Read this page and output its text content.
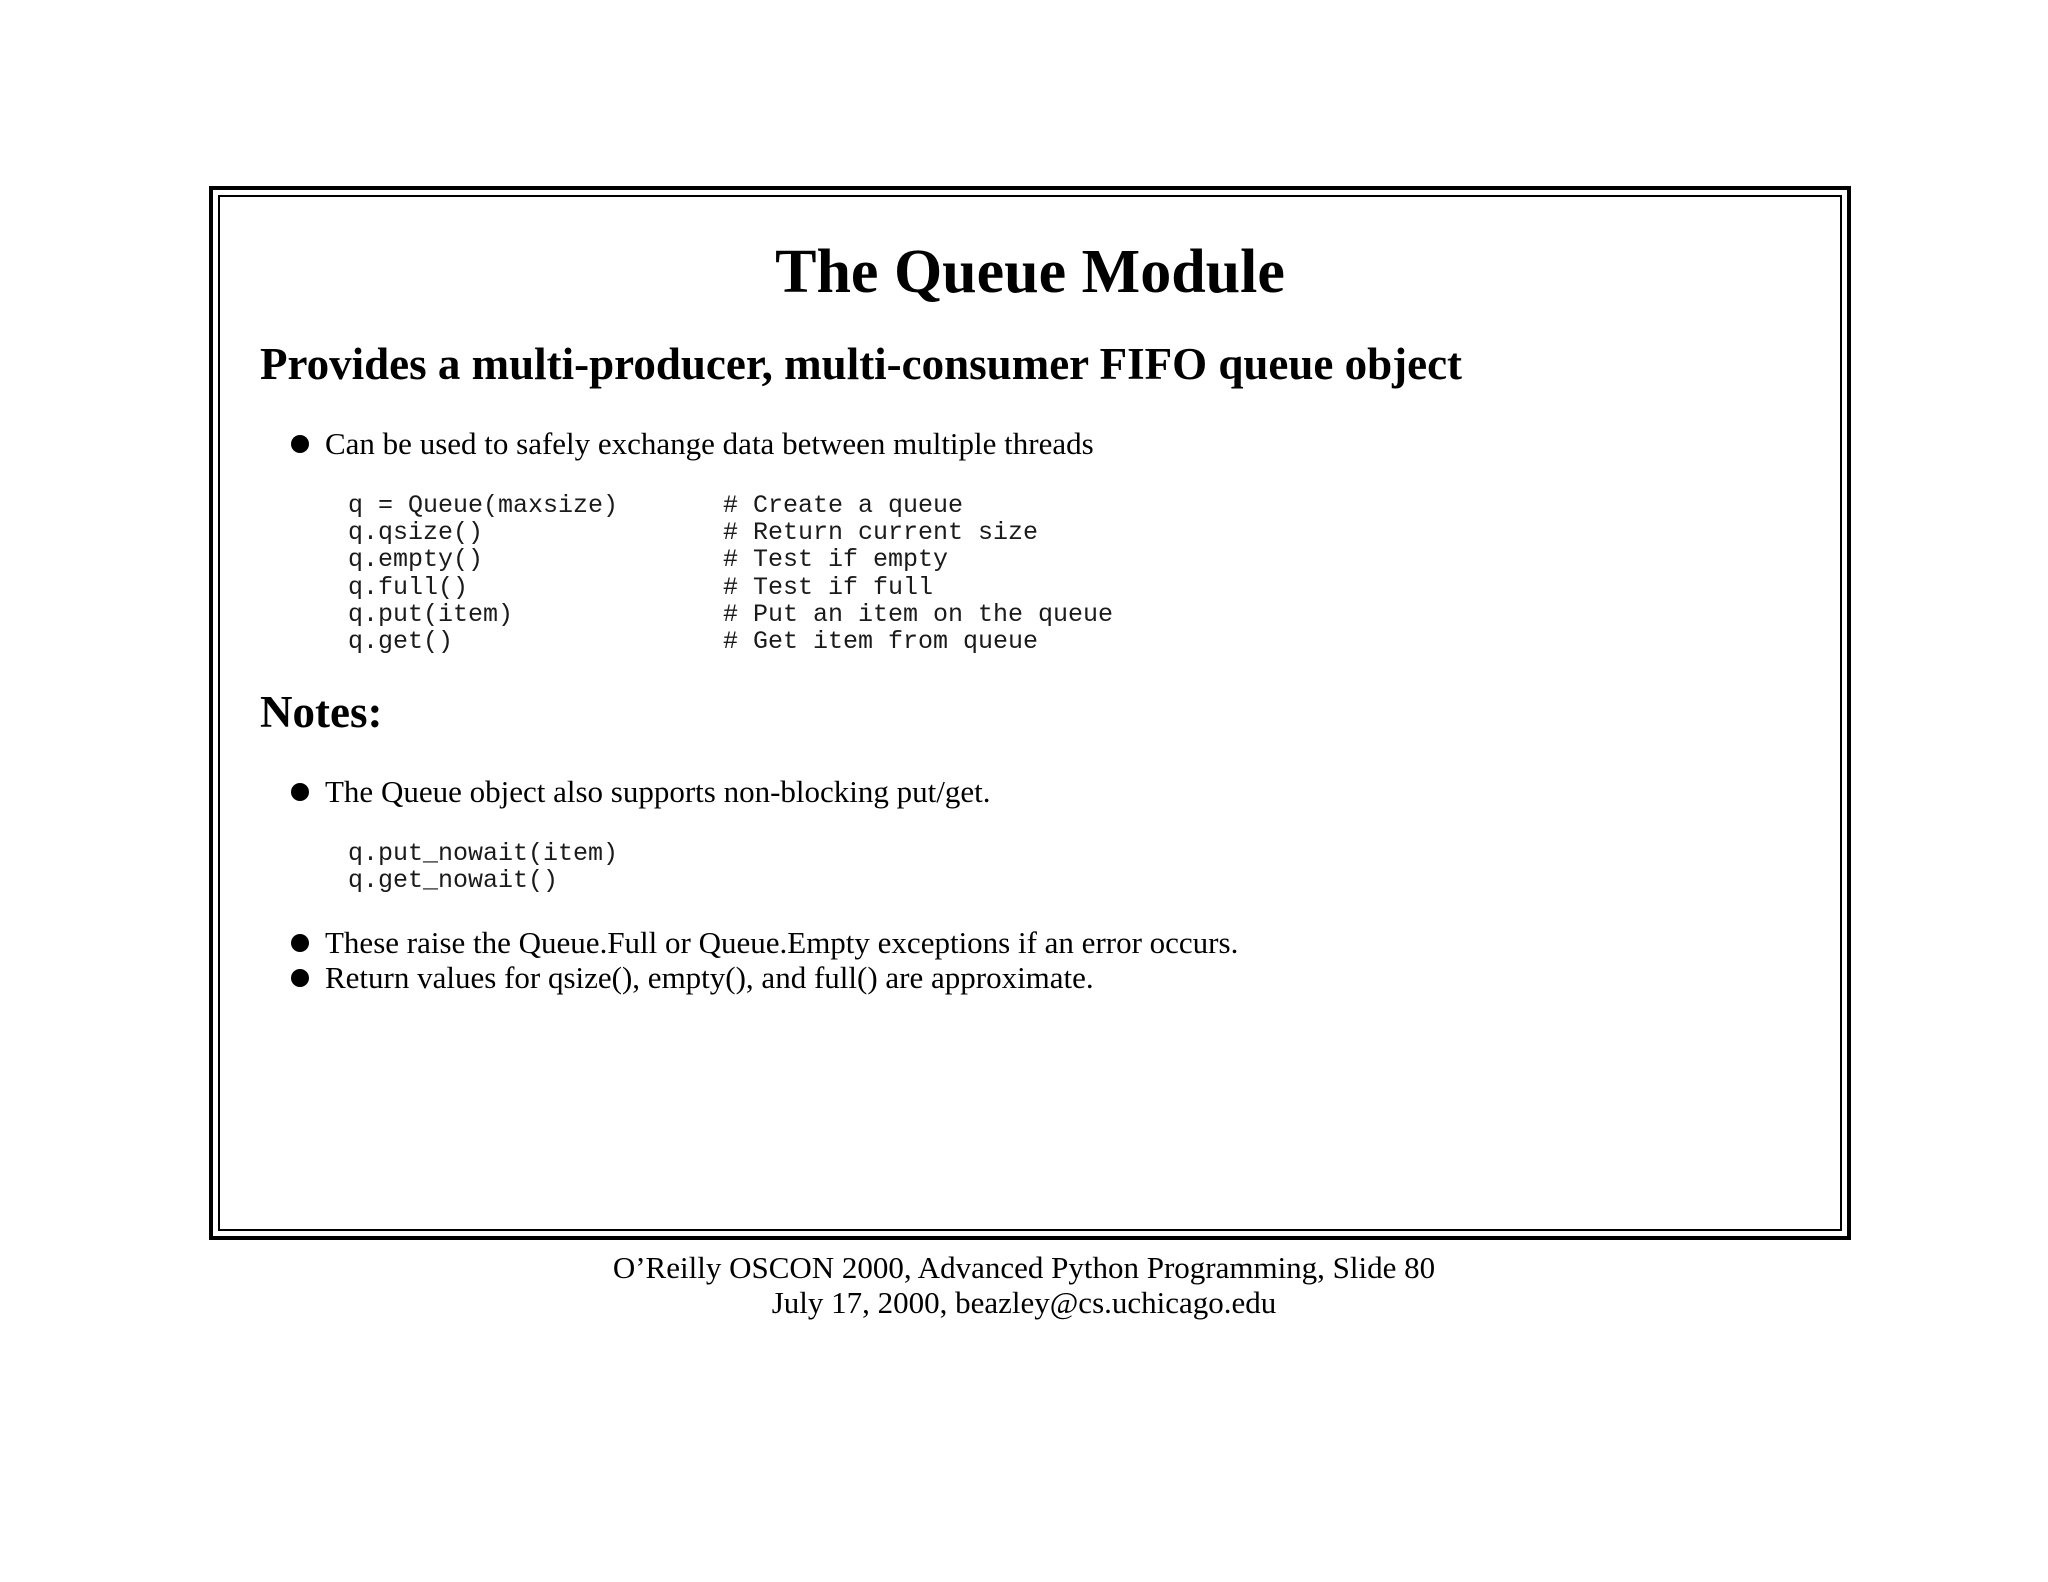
The Queue Module
Provides a multi-producer, multi-consumer FIFO queue object
Can be used to safely exchange data between multiple threads
q = Queue(maxsize)	# Create a queue
q.qsize()	# Return current size
q.empty()	# Test if empty
q.full()	# Test if full
q.put(item)	# Put an item on the queue
q.get()	# Get item from queue
Notes:
The Queue object also supports non-blocking put/get.
q.put_nowait(item)
q.get_nowait()
These raise the Queue.Full or Queue.Empty exceptions if an error occurs.
Return values for qsize(), empty(), and full() are approximate.
O’Reilly OSCON 2000, Advanced Python Programming, Slide 80
July 17, 2000, beazley@cs.uchicago.edu
